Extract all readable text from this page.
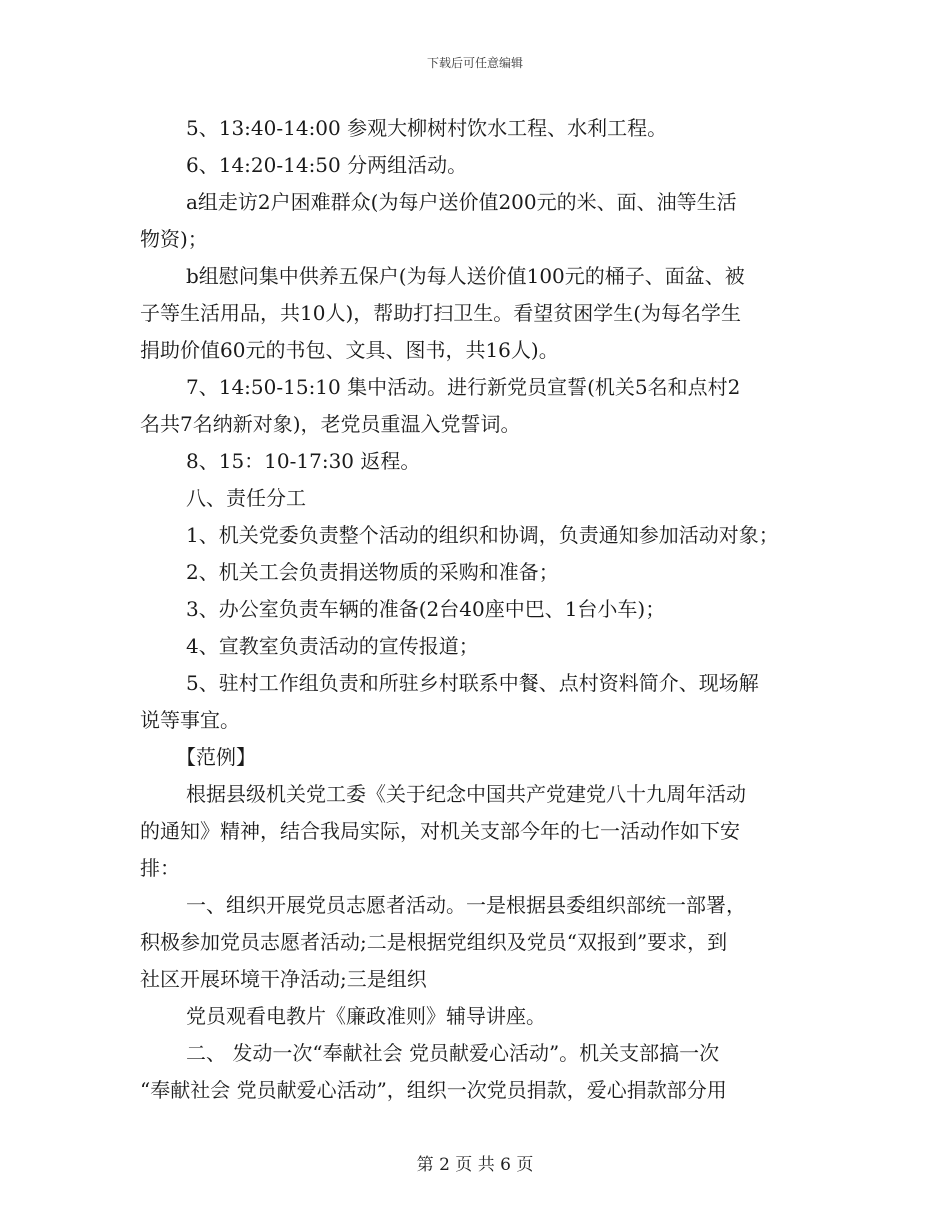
下载后可任意编辑
5、13:40-14:00 参观大柳树村饮水工程、水利工程。
6、14:20-14:50 分两组活动。
a组走访2户困难群众(为每户送价值200元的米、面、油等生活
物资)；
b组慰问集中供养五保户(为每人送价值100元的桶子、面盆、被
子等生活用品，共10人)，帮助打扫卫生。看望贫困学生(为每名学生
捐助价值60元的书包、文具、图书，共16人)。
7、14:50-15:10 集中活动。进行新党员宣誓(机关5名和点村2
名共7名纳新对象)，老党员重温入党誓词。
8、15：10-17:30 返程。
八、责任分工
1、机关党委负责整个活动的组织和协调，负责通知参加活动对象；
2、机关工会负责捐送物质的采购和准备；
3、办公室负责车辆的准备(2台40座中巴、1台小车)；
4、宣教室负责活动的宣传报道；
5、驻村工作组负责和所驻乡村联系中餐、点村资料简介、现场解
说等事宜。
【范例】
根据县级机关党工委《关于纪念中国共产党建党八十九周年活动
的通知》精神，结合我局实际，对机关支部今年的七一活动作如下安
排：
一、组织开展党员志愿者活动。一是根据县委组织部统一部署，
积极参加党员志愿者活动;二是根据党组织及党员“双报到”要求，到
社区开展环境干净活动;三是组织
党员观看电教片《廉政准则》辅导讲座。
二、 发动一次“奉献社会 党员献爱心活动”。机关支部搞一次
“奉献社会 党员献爱心活动”，组织一次党员捐款，爱心捐款部分用
第 2 页 共 6 页
